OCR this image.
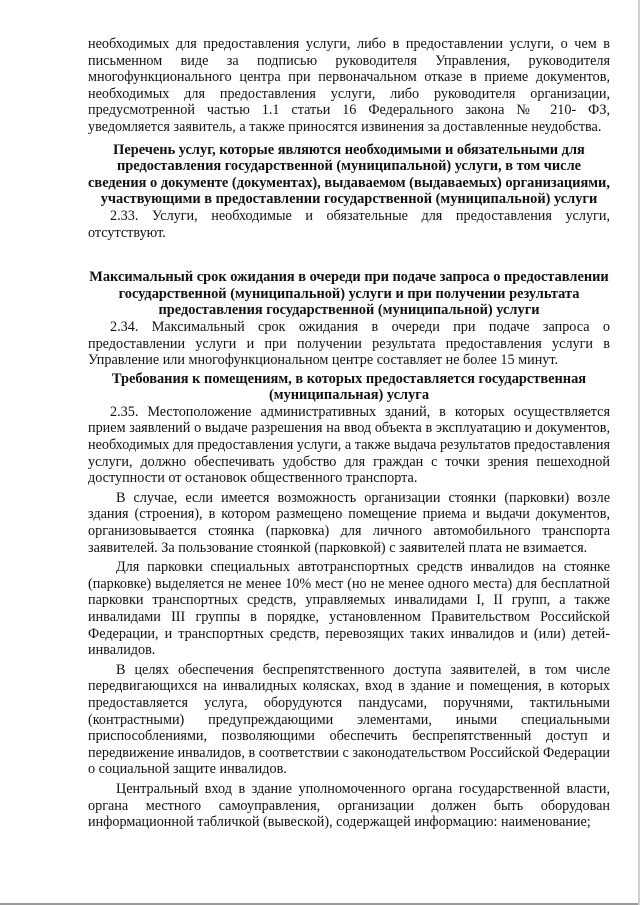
необходимых для предоставления услуги, либо в предоставлении услуги, о чем в письменном виде за подписью руководителя Управления, руководителя многофункционального центра при первоначальном отказе в приеме документов, необходимых для предоставления услуги, либо руководителя организации, предусмотренной частью 1.1 статьи 16 Федерального закона № 210- ФЗ, уведомляется заявитель, а также приносятся извинения за доставленные неудобства.

Перечень услуг, которые являются необходимыми и обязательными для предоставления государственной (муниципальной) услуги, в том числе сведения о документе (документах), выдаваемом (выдаваемых) организациями, участвующими в предоставлении государственной (муниципальной) услуги

2.33. Услуги, необходимые и обязательные для предоставления услуги, отсутствуют.

Максимальный срок ожидания в очереди при подаче запроса о предоставлении государственной (муниципальной) услуги и при получении результата предоставления государственной (муниципальной) услуги

2.34. Максимальный срок ожидания в очереди при подаче запроса о предоставлении услуги и при получении результата предоставления услуги в Управление или многофункциональном центре составляет не более 15 минут.

Требования к помещениям, в которых предоставляется государственная (муниципальная) услуга

2.35. Местоположение административных зданий, в которых осуществляется прием заявлений о выдаче разрешения на ввод объекта в эксплуатацию и документов, необходимых для предоставления услуги, а также выдача результатов предоставления услуги, должно обеспечивать удобство для граждан с точки зрения пешеходной доступности от остановок общественного транспорта.

В случае, если имеется возможность организации стоянки (парковки) возле здания (строения), в котором размещено помещение приема и выдачи документов, организовывается стоянка (парковка) для личного автомобильного транспорта заявителей. За пользование стоянкой (парковкой) с заявителей плата не взимается.

Для парковки специальных автотранспортных средств инвалидов на стоянке (парковке) выделяется не менее 10% мест (но не менее одного места) для бесплатной парковки транспортных средств, управляемых инвалидами I, II групп, а также инвалидами III группы в порядке, установленном Правительством Российской Федерации, и транспортных средств, перевозящих таких инвалидов и (или) детей-инвалидов.

В целях обеспечения беспрепятственного доступа заявителей, в том числе передвигающихся на инвалидных колясках, вход в здание и помещения, в которых предоставляется услуга, оборудуются пандусами, поручнями, тактильными (контрастными) предупреждающими элементами, иными специальными приспособлениями, позволяющими обеспечить беспрепятственный доступ и передвижение инвалидов, в соответствии с законодательством Российской Федерации о социальной защите инвалидов.

Центральный вход в здание уполномоченного органа государственной власти, органа местного самоуправления, организации должен быть оборудован информационной табличкой (вывеской), содержащей информацию: наименование;
